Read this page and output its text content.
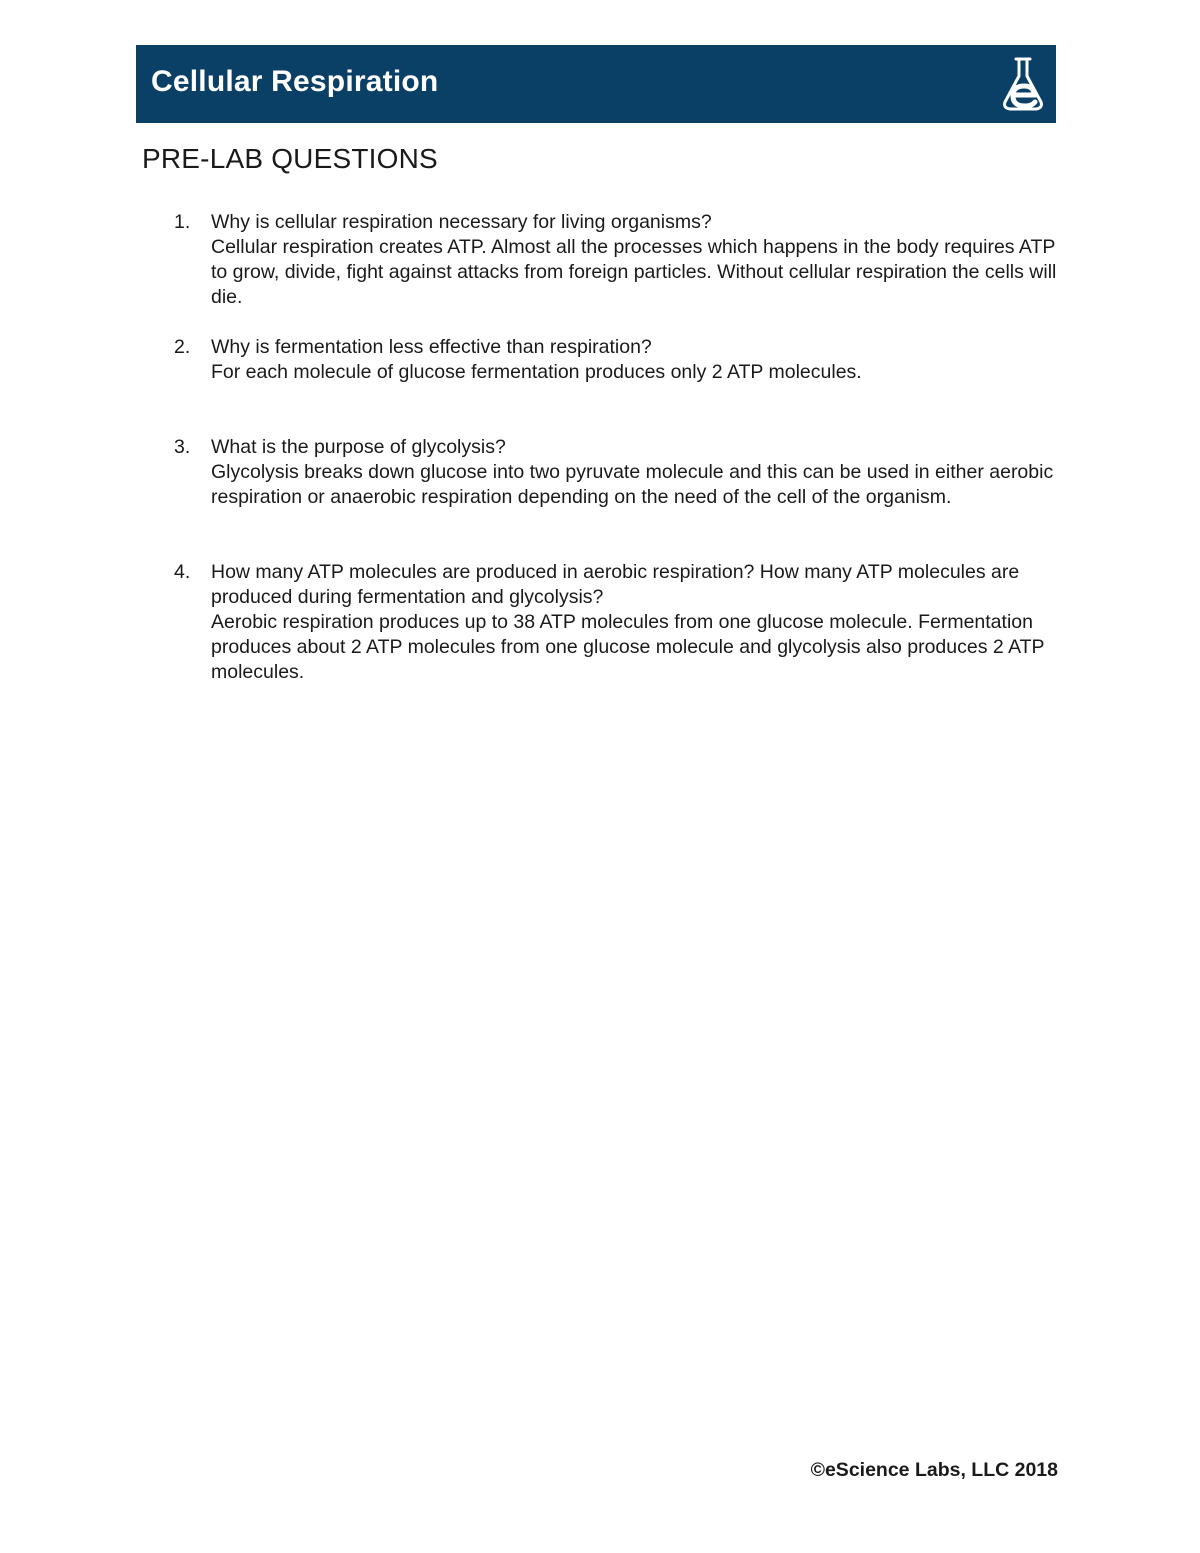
Cellular Respiration
PRE-LAB QUESTIONS
1. Why is cellular respiration necessary for living organisms?
Cellular respiration creates ATP. Almost all the processes which happens in the body requires ATP to grow, divide, fight against attacks from foreign particles. Without cellular respiration the cells will die.
2. Why is fermentation less effective than respiration?
For each molecule of glucose fermentation produces only 2 ATP molecules.
3. What is the purpose of glycolysis?
Glycolysis breaks down glucose into two pyruvate molecule and this can be used in either aerobic respiration or anaerobic respiration depending on the need of the cell of the organism.
4. How many ATP molecules are produced in aerobic respiration? How many ATP molecules are produced during fermentation and glycolysis?
Aerobic respiration produces up to 38 ATP molecules from one glucose molecule. Fermentation produces about 2 ATP molecules from one glucose molecule and glycolysis also produces 2 ATP molecules.
©eScience Labs, LLC 2018
